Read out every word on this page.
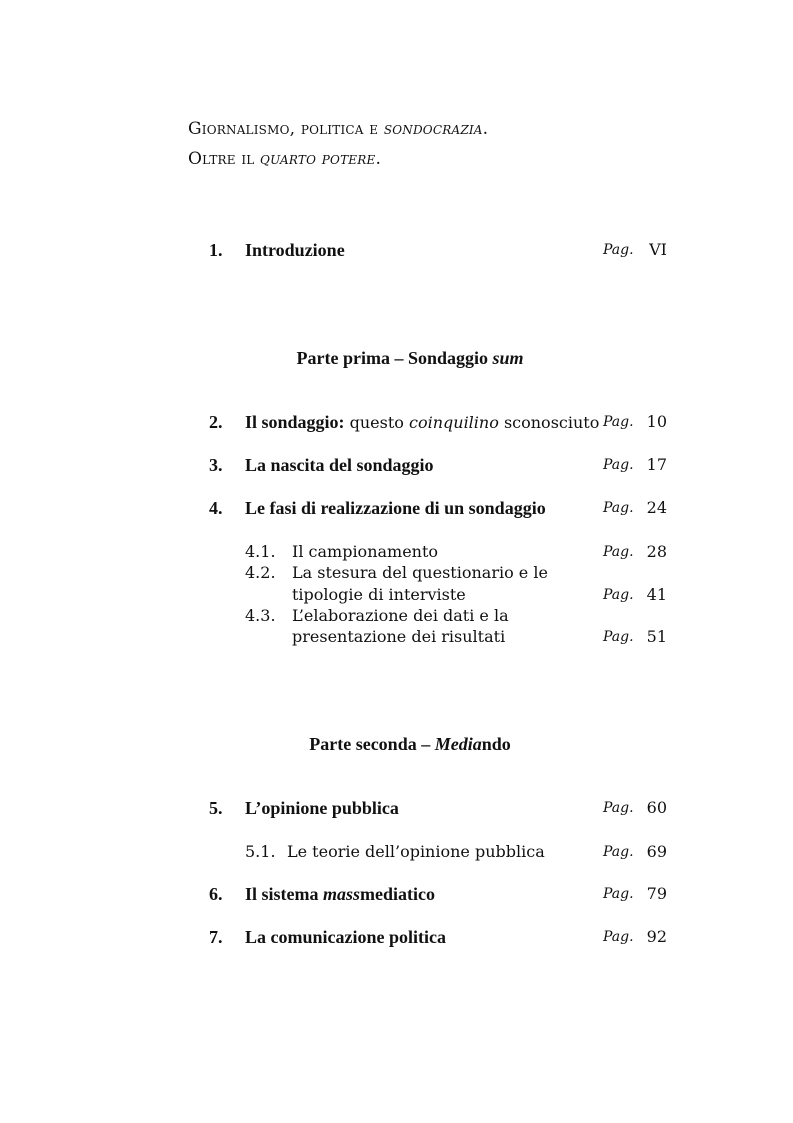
Giornalismo, politica e sondocrazia.
Oltre il quarto potere.
1. Introduzione	Pag. VI
Parte prima – Sondaggio sum
2. Il sondaggio: questo coinquilino sconosciuto Pag. 10
3. La nascita del sondaggio	Pag. 17
4. Le fasi di realizzazione di un sondaggio	Pag. 24
4.1. Il campionamento	Pag. 28
4.2. La stesura del questionario e le
tipologie di interviste	Pag. 41
4.3. L’elaborazione dei dati e la
presentazione dei risultati	Pag. 51
Parte seconda – Mediando
5. L’opinione pubblica	Pag. 60
5.1. Le teorie dell’opinione pubblica	Pag. 69
6. Il sistema massmediatico	Pag. 79
7. La comunicazione politica	Pag. 92
